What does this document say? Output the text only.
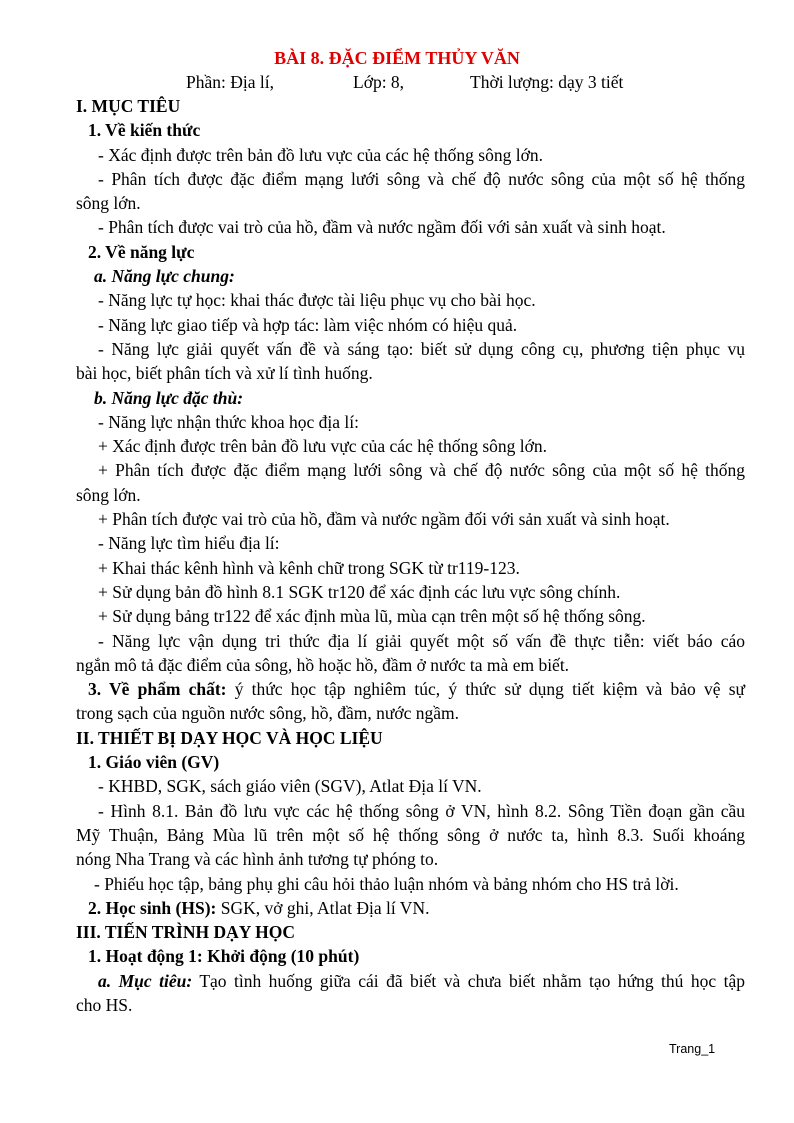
BÀI 8. ĐẶC ĐIỂM THỦY VĂN
Phần: Địa lí,	Lớp: 8,	Thời lượng: dạy 3 tiết
I. MỤC TIÊU
1. Về kiến thức
- Xác định được trên bản đồ lưu vực của các hệ thống sông lớn.
- Phân tích được đặc điểm mạng lưới sông và chế độ nước sông của một số hệ thống
sông lớn.
- Phân tích được vai trò của hồ, đầm và nước ngầm đối với sản xuất và sinh hoạt.
2. Về năng lực
a. Năng lực chung:
- Năng lực tự học: khai thác được tài liệu phục vụ cho bài học.
- Năng lực giao tiếp và hợp tác: làm việc nhóm có hiệu quả.
- Năng lực giải quyết vấn đề và sáng tạo: biết sử dụng công cụ, phương tiện phục vụ
bài học, biết phân tích và xử lí tình huống.
b. Năng lực đặc thù:
- Năng lực nhận thức khoa học địa lí:
+ Xác định được trên bản đồ lưu vực của các hệ thống sông lớn.
+ Phân tích được đặc điểm mạng lưới sông và chế độ nước sông của một số hệ thống
sông lớn.
+ Phân tích được vai trò của hồ, đầm và nước ngầm đối với sản xuất và sinh hoạt.
- Năng lực tìm hiểu địa lí:
+ Khai thác kênh hình và kênh chữ trong SGK từ tr119-123.
+ Sử dụng bản đồ hình 8.1 SGK tr120 để xác định các lưu vực sông chính.
+ Sử dụng bảng tr122 để xác định mùa lũ, mùa cạn trên một số hệ thống sông.
- Năng lực vận dụng tri thức địa lí giải quyết một số vấn đề thực tiễn: viết báo cáo
ngắn mô tả đặc điểm của sông, hồ hoặc hồ, đầm ở nước ta mà em biết.
3. Về phẩm chất: ý thức học tập nghiêm túc, ý thức sử dụng tiết kiệm và bảo vệ sự
trong sạch của nguồn nước sông, hồ, đầm, nước ngầm.
II. THIẾT BỊ DẠY HỌC VÀ HỌC LIỆU
1. Giáo viên (GV)
- KHBD, SGK, sách giáo viên (SGV), Atlat Địa lí VN.
- Hình 8.1. Bản đồ lưu vực các hệ thống sông ở VN, hình 8.2. Sông Tiền đoạn gần cầu
Mỹ Thuận, Bảng Mùa lũ trên một số hệ thống sông ở nước ta, hình 8.3. Suối khoáng
nóng Nha Trang và các hình ảnh tương tự phóng to.
- Phiếu học tập, bảng phụ ghi câu hỏi thảo luận nhóm và bảng nhóm cho HS trả lời.
2. Học sinh (HS): SGK, vở ghi, Atlat Địa lí VN.
III. TIẾN TRÌNH DẠY HỌC
1. Hoạt động 1: Khởi động (10 phút)
a. Mục tiêu: Tạo tình huống giữa cái đã biết và chưa biết nhằm tạo hứng thú học tập
cho HS.
Trang_1
